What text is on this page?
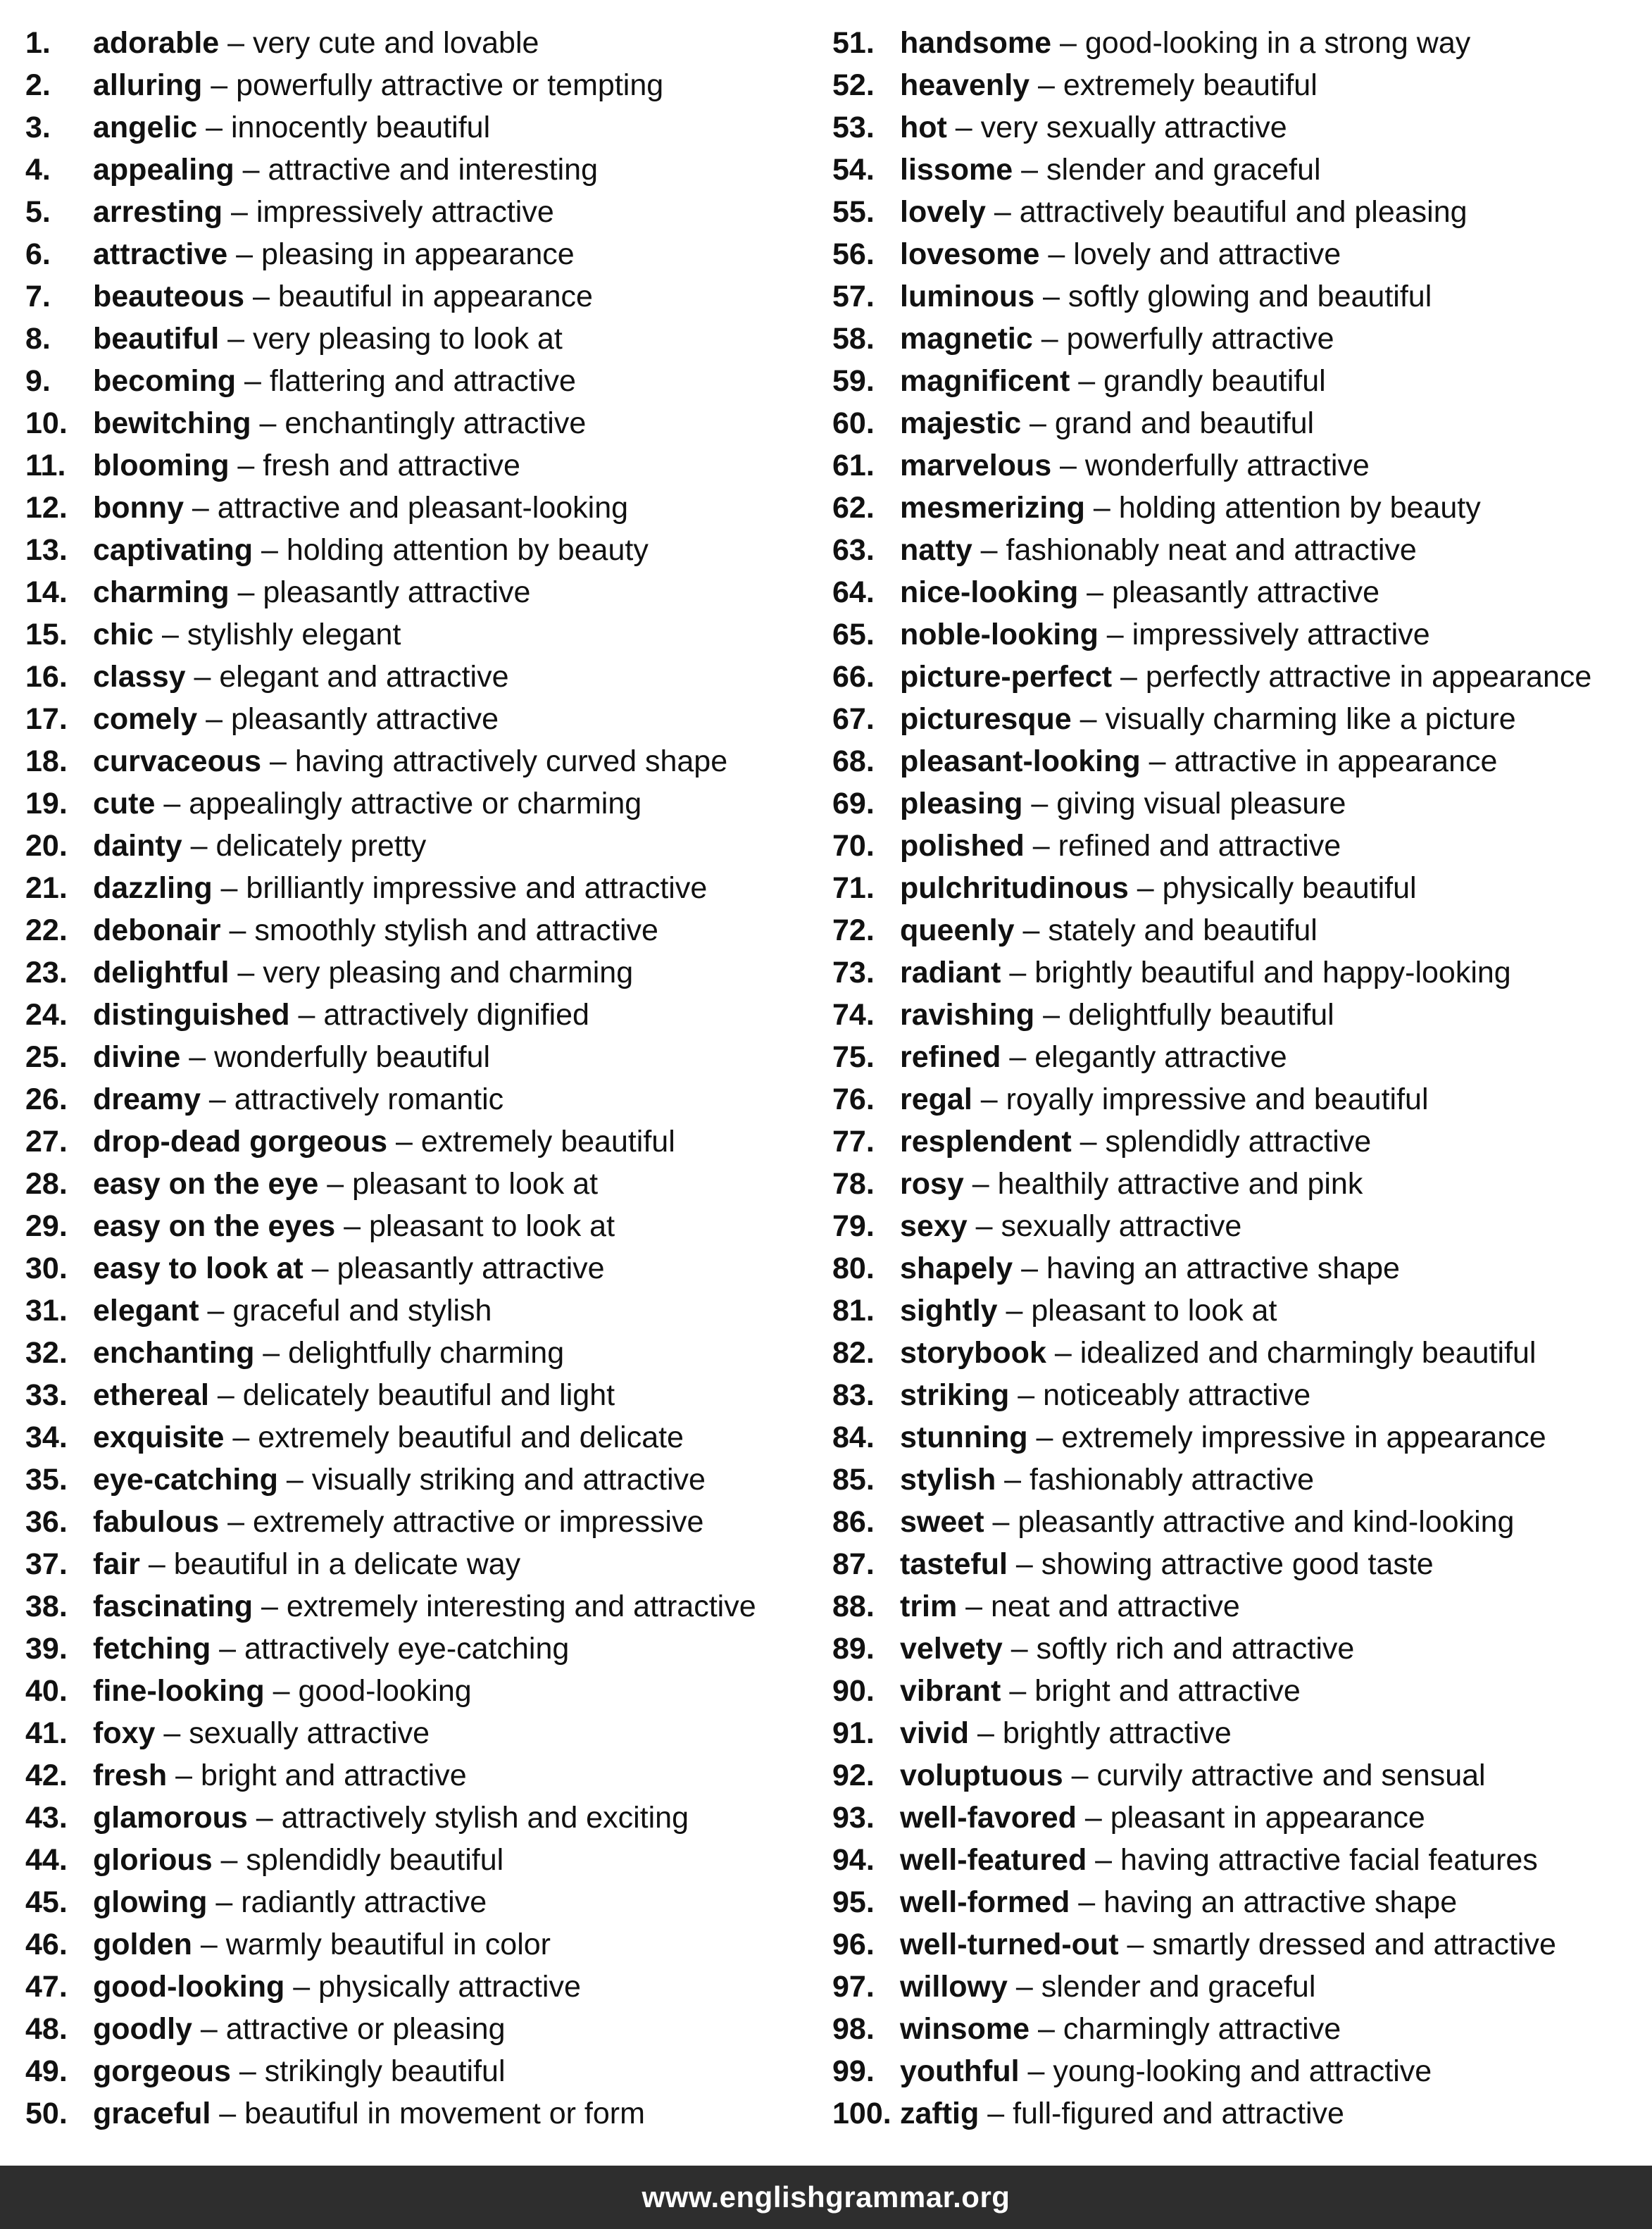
1.	adorable – very cute and lovable
2.	alluring – powerfully attractive or tempting
3.	angelic – innocently beautiful
4.	appealing – attractive and interesting
5.	arresting – impressively attractive
6.	attractive – pleasing in appearance
7.	beauteous – beautiful in appearance
8.	beautiful – very pleasing to look at
9.	becoming – flattering and attractive
10. bewitching – enchantingly attractive
11. blooming – fresh and attractive
12. bonny – attractive and pleasant-looking
13. captivating – holding attention by beauty
14. charming – pleasantly attractive
15. chic – stylishly elegant
16. classy – elegant and attractive
17. comely – pleasantly attractive
18. curvaceous – having attractively curved shape
19. cute – appealingly attractive or charming
20. dainty – delicately pretty
21. dazzling – brilliantly impressive and attractive
22. debonair – smoothly stylish and attractive
23. delightful – very pleasing and charming
24. distinguished – attractively dignified
25. divine – wonderfully beautiful
26. dreamy – attractively romantic
27. drop-dead gorgeous – extremely beautiful
28. easy on the eye – pleasant to look at
29. easy on the eyes – pleasant to look at
30. easy to look at – pleasantly attractive
31. elegant – graceful and stylish
32. enchanting – delightfully charming
33. ethereal – delicately beautiful and light
34. exquisite – extremely beautiful and delicate
35. eye-catching – visually striking and attractive
36. fabulous – extremely attractive or impressive
37. fair – beautiful in a delicate way
38. fascinating – extremely interesting and attractive
39. fetching – attractively eye-catching
40. fine-looking – good-looking
41. foxy – sexually attractive
42. fresh – bright and attractive
43. glamorous – attractively stylish and exciting
44. glorious – splendidly beautiful
45. glowing – radiantly attractive
46. golden – warmly beautiful in color
47. good-looking – physically attractive
48. goodly – attractive or pleasing
49. gorgeous – strikingly beautiful
50. graceful – beautiful in movement or form
51. handsome – good-looking in a strong way
52. heavenly – extremely beautiful
53. hot – very sexually attractive
54. lissome – slender and graceful
55. lovely – attractively beautiful and pleasing
56. lovesome – lovely and attractive
57. luminous – softly glowing and beautiful
58. magnetic – powerfully attractive
59. magnificent – grandly beautiful
60. majestic – grand and beautiful
61. marvelous – wonderfully attractive
62. mesmerizing – holding attention by beauty
63. natty – fashionably neat and attractive
64. nice-looking – pleasantly attractive
65. noble-looking – impressively attractive
66. picture-perfect – perfectly attractive in appearance
67. picturesque – visually charming like a picture
68. pleasant-looking – attractive in appearance
69. pleasing – giving visual pleasure
70. polished – refined and attractive
71. pulchritudinous – physically beautiful
72. queenly – stately and beautiful
73. radiant – brightly beautiful and happy-looking
74. ravishing – delightfully beautiful
75. refined – elegantly attractive
76. regal – royally impressive and beautiful
77. resplendent – splendidly attractive
78. rosy – healthily attractive and pink
79. sexy – sexually attractive
80. shapely – having an attractive shape
81. sightly – pleasant to look at
82. storybook – idealized and charmingly beautiful
83. striking – noticeably attractive
84. stunning – extremely impressive in appearance
85. stylish – fashionably attractive
86. sweet – pleasantly attractive and kind-looking
87. tasteful – showing attractive good taste
88. trim – neat and attractive
89. velvety – softly rich and attractive
90. vibrant – bright and attractive
91. vivid – brightly attractive
92. voluptuous – curvily attractive and sensual
93. well-favored – pleasant in appearance
94. well-featured – having attractive facial features
95. well-formed – having an attractive shape
96. well-turned-out – smartly dressed and attractive
97. willowy – slender and graceful
98. winsome – charmingly attractive
99. youthful – young-looking and attractive
100. zaftig – full-figured and attractive
www.englishgrammar.org
